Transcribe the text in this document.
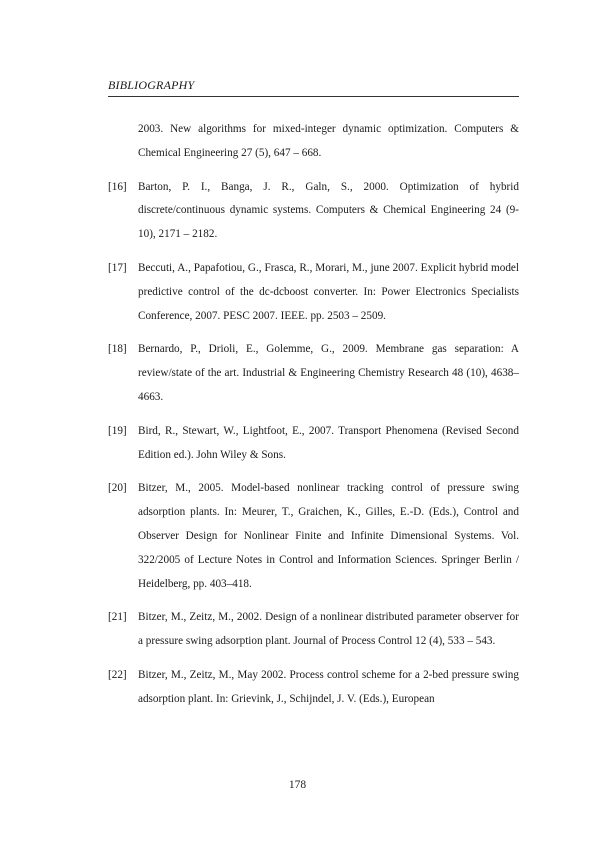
BIBLIOGRAPHY
2003. New algorithms for mixed-integer dynamic optimization. Computers & Chemical Engineering 27 (5), 647 – 668.
[16]	Barton, P. I., Banga, J. R., Galn, S., 2000. Optimization of hybrid discrete/continuous dynamic systems. Computers & Chemical Engineering 24 (9-10), 2171 – 2182.
[17]	Beccuti, A., Papafotiou, G., Frasca, R., Morari, M., june 2007. Explicit hybrid model predictive control of the dc-dcboost converter. In: Power Electronics Specialists Conference, 2007. PESC 2007. IEEE. pp. 2503 – 2509.
[18]	Bernardo, P., Drioli, E., Golemme, G., 2009. Membrane gas separation: A review/state of the art. Industrial & Engineering Chemistry Research 48 (10), 4638–4663.
[19]	Bird, R., Stewart, W., Lightfoot, E., 2007. Transport Phenomena (Revised Second Edition ed.). John Wiley & Sons.
[20]	Bitzer, M., 2005. Model-based nonlinear tracking control of pressure swing adsorption plants. In: Meurer, T., Graichen, K., Gilles, E.-D. (Eds.), Control and Observer Design for Nonlinear Finite and Infinite Dimensional Systems. Vol. 322/2005 of Lecture Notes in Control and Information Sciences. Springer Berlin / Heidelberg, pp. 403–418.
[21]	Bitzer, M., Zeitz, M., 2002. Design of a nonlinear distributed parameter observer for a pressure swing adsorption plant. Journal of Process Control 12 (4), 533 – 543.
[22]	Bitzer, M., Zeitz, M., May 2002. Process control scheme for a 2-bed pressure swing adsorption plant. In: Grievink, J., Schijndel, J. V. (Eds.), European
178
